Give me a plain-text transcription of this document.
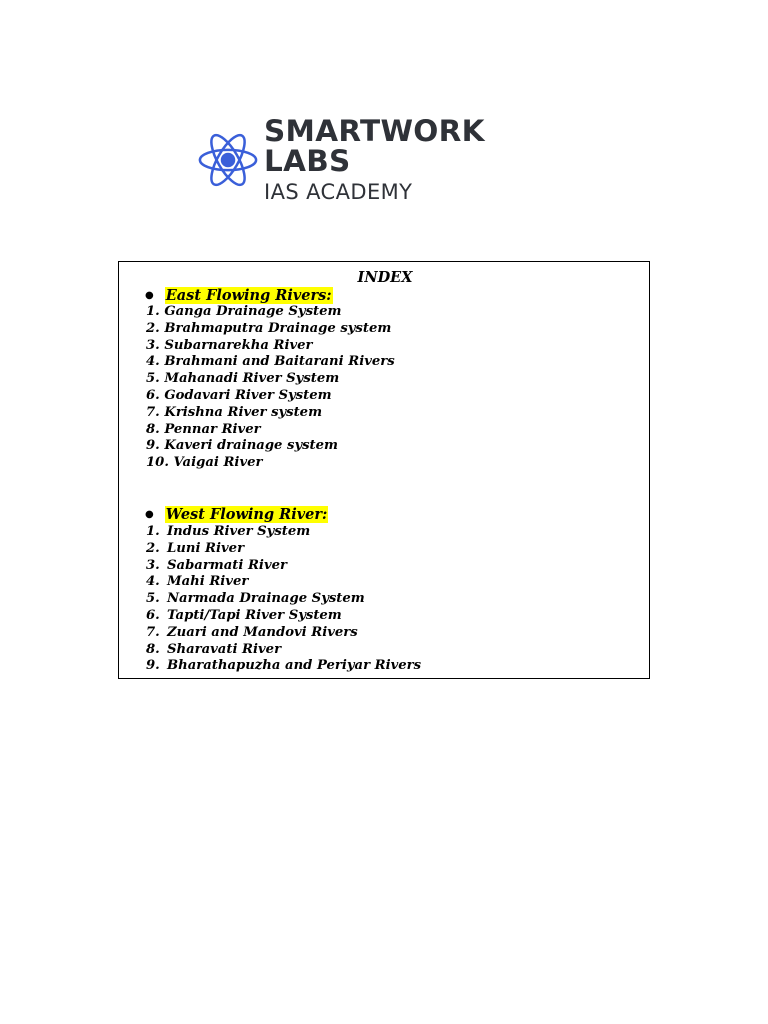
SMARTWORK LABS
IAS ACADEMY
INDEX
● East Flowing Rivers:
1. Ganga Drainage System
2. Brahmaputra Drainage system
3. Subarnarekha River
4. Brahmani and Baitarani Rivers
5. Mahanadi River System
6. Godavari River System
7. Krishna River system
8. Pennar River
9. Kaveri drainage system
10. Vaigai River
● West Flowing River:
1. Indus River System
2. Luni River
3. Sabarmati River
4. Mahi River
5. Narmada Drainage System
6. Tapti/Tapi River System
7. Zuari and Mandovi Rivers
8. Sharavati River
9. Bharathapuzha and Periyar Rivers
